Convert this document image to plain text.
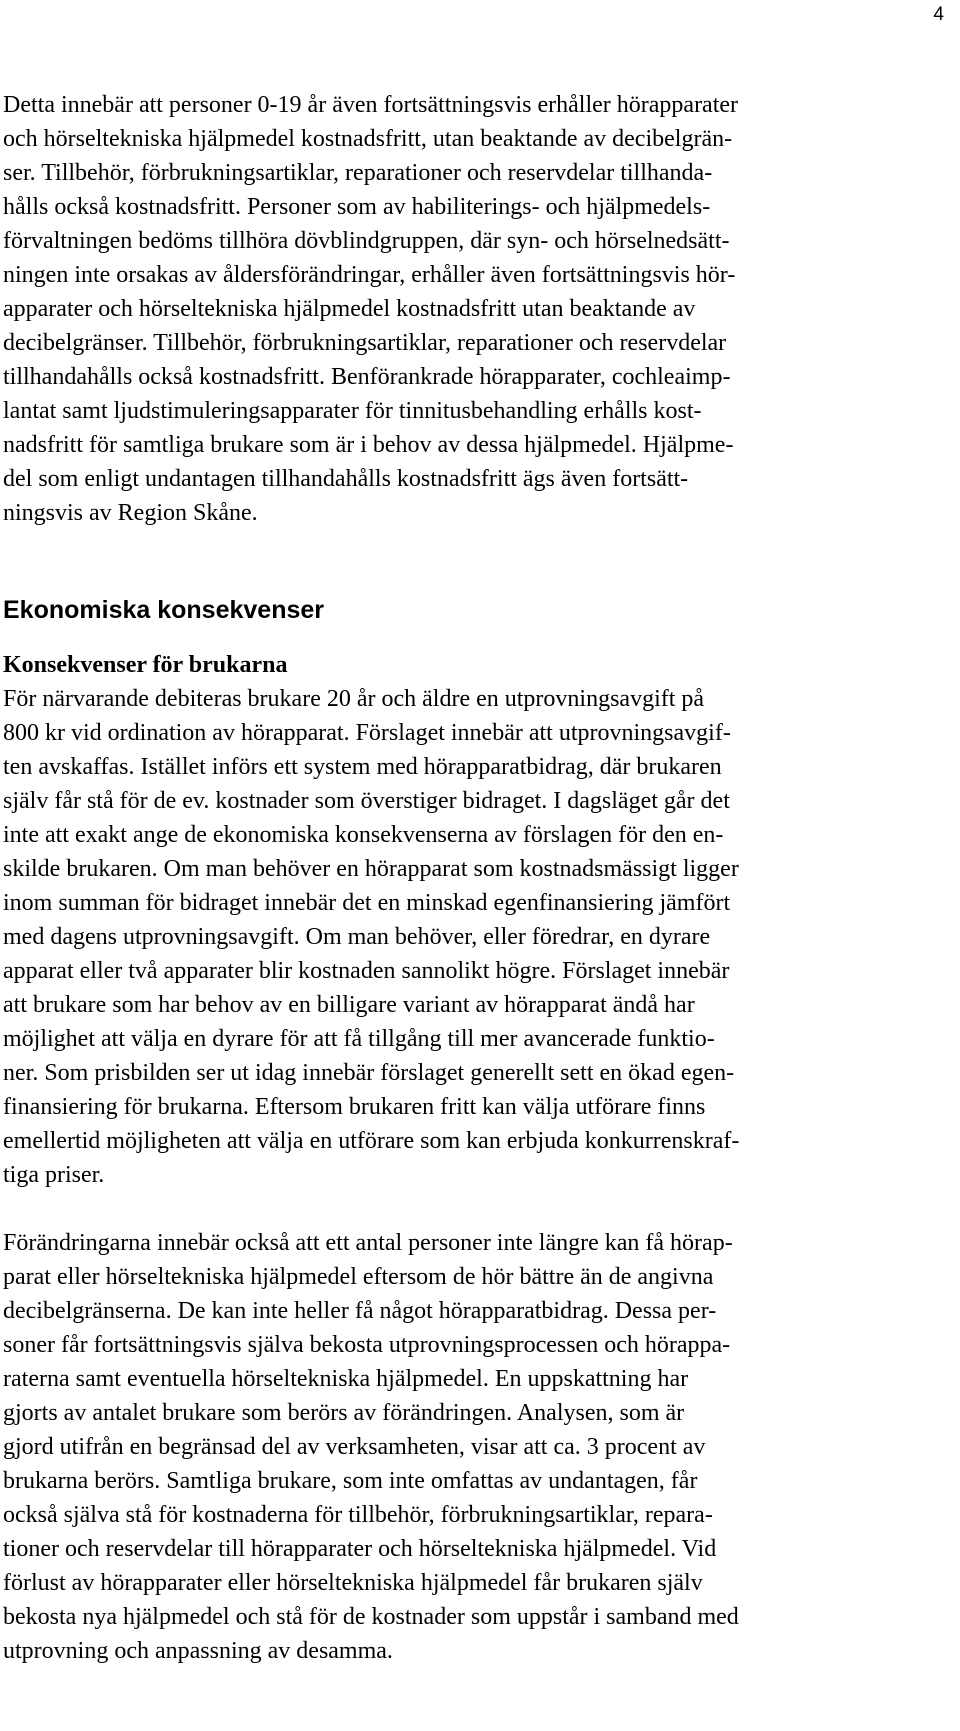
4

Detta innebär att personer 0-19 år även fortsättningsvis erhåller hörapparater
och hörseltekniska hjälpmedel kostnadsfritt, utan beaktande av decibelgrän-
ser. Tillbehör, förbrukningsartiklar, reparationer och reservdelar tillhanda-
hålls också kostnadsfritt. Personer som av habiliterings- och hjälpmedels-
förvaltningen bedöms tillhöra dövblindgruppen, där syn- och hörselnedsätt-
ningen inte orsakas av åldersförändringar, erhåller även fortsättningsvis hör-
apparater och hörseltekniska hjälpmedel kostnadsfritt utan beaktande av
decibelgränser. Tillbehör, förbrukningsartiklar, reparationer och reservdelar
tillhandahålls också kostnadsfritt. Benförankrade hörapparater, cochleaimp-
lantat samt ljudstimuleringsapparater för tinnitusbehandling erhålls kost-
nadsfritt för samtliga brukare som är i behov av dessa hjälpmedel. Hjälpme-
del som enligt undantagen tillhandahålls kostnadsfritt ägs även fortsätt-
ningsvis av Region Skåne.

Ekonomiska konsekvenser
Konsekvenser för brukarna

För närvarande debiteras brukare 20 år och äldre en utprovningsavgift på
800 kr vid ordination av hörapparat. Förslaget innebär att utprovningsavgif-
ten avskaffas. Istället införs ett system med hörapparatbidrag, där brukaren
själv får stå för de ev. kostnader som överstiger bidraget. I dagsläget går det
inte att exakt ange de ekonomiska konsekvenserna av förslagen för den en-
skilde brukaren. Om man behöver en hörapparat som kostnadsmässigt ligger
inom summan för bidraget innebär det en minskad egenfinansiering jämfört
med dagens utprovningsavgift. Om man behöver, eller föredrar, en dyrare
apparat eller två apparater blir kostnaden sannolikt högre. Förslaget innebär
att brukare som har behov av en billigare variant av hörapparat ändå har
möjlighet att välja en dyrare för att få tillgång till mer avancerade funktio-
ner. Som prisbilden ser ut idag innebär förslaget generellt sett en ökad egen-
finansiering för brukarna. Eftersom brukaren fritt kan välja utförare finns
emellertid möjligheten att välja en utförare som kan erbjuda konkurrenskraf-
tiga priser.

Förändringarna innebär också att ett antal personer inte längre kan få hörap-
parat eller hörseltekniska hjälpmedel eftersom de hör bättre än de angivna
decibelgränserna. De kan inte heller få något hörapparatbidrag. Dessa per-
soner får fortsättningsvis själva bekosta utprovningsprocessen och hörappa-
raterna samt eventuella hörseltekniska hjälpmedel. En uppskattning har
gjorts av antalet brukare som berörs av förändringen. Analysen, som är
gjord utifrån en begränsad del av verksamheten, visar att ca. 3 procent av
brukarna berörs. Samtliga brukare, som inte omfattas av undantagen, får
också själva stå för kostnaderna för tillbehör, förbrukningsartiklar, repara-
tioner och reservdelar till hörapparater och hörseltekniska hjälpmedel. Vid
förlust av hörapparater eller hörseltekniska hjälpmedel får brukaren själv
bekosta nya hjälpmedel och stå för de kostnader som uppstår i samband med
utprovning och anpassning av desamma.
